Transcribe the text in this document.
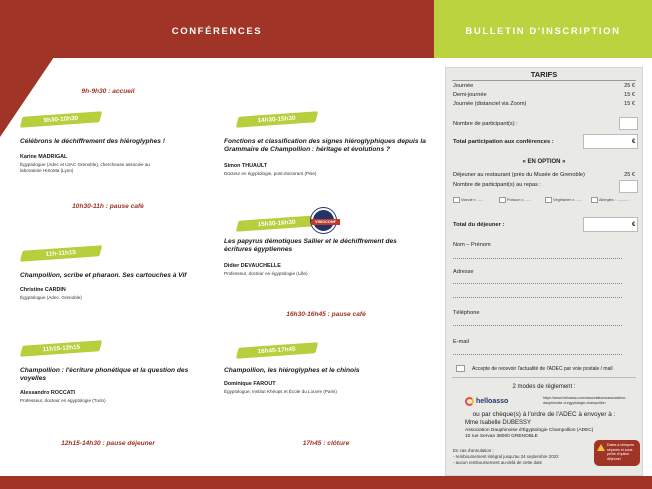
CONFÉRENCES	BULLETIN D'INSCRIPTION
9h-9h30 : accueil
9h30-10h30
Célébrons le déchiffrement des hiéroglyphes !
Karine MADRIGAL
Égyptologue (Adec et UIAC Grenoble), chercheuse associée au laboratoire HiSoMa (Lyon)
10h30-11h : pause café
11h-11h15
Champollion, scribe et pharaon. Ses cartouches à Vif
Christine CARDIN
Égyptologue (Adec, Grenoble)
11h15-12h15
Champollion : l'écriture phonétique et la question des voyelles
Alessandro ROCCATI
Professeur, docteur en égyptologie (Turin)
12h15-14h30 : pause déjeuner
14h30-15h30
Fonctions et classification des signes hiéroglyphiques depuis la Grammaire de Champollion : héritage et évolutions ?
Simon THUAULT
Docteur en égyptologie, post-doctorant (Pise)
15h30-16h30	VISIOCONF
Les papyrus démotiques Sallier et le déchiffrement des écritures égyptiennes
Didier DEVAUCHELLE
Professeur, docteur en égyptologie (Lille)
16h30-16h45 : pause café
16h45-17h45
Champollion, les hiéroglyphes et le chinois
Dominique FAROUT
Égyptologue, Institut Khéops et École du Louvre (Paris)
17h45 : clôture
TARIFS
Journée	25 €
Demi-journée	15 €
Journée (distanciel via Zoom)	15 €
Nombre de participant(s) :
Total participation aux conférences :	€
« EN OPTION »
Déjeuner au restaurant (près du Musée de Grenoble)	25 €
Nombre de participant(s) au repas :
Viande x ......	Poisson x ......	Végétarien x ......	Allergies : ............
Total du déjeuner :	€
Nom – Prénom
Adresse
Téléphone
E-mail
Accepte de recevoir l'actualité de l'ADEC par voie postale / mail
2 modes de règlement :
helloasso	https://www.helloasso.com/associations/association-dauphinoise-d-egyptologie-champollion
ou par chèque(s) à l'ordre de l'ADEC à envoyer à :
Mme Isabelle DUBESSY
Association Dauphinoise d'Égyptologie Champollion (ADEC)
10 rue Servan 38000 GRENOBLE
En cas d'annulation :
- remboursement intégral jusqu'au 24 septembre 2022
- aucun remboursement au-delà de cette date
Dates à chèques séparés et sous peine d'option déjeuner
